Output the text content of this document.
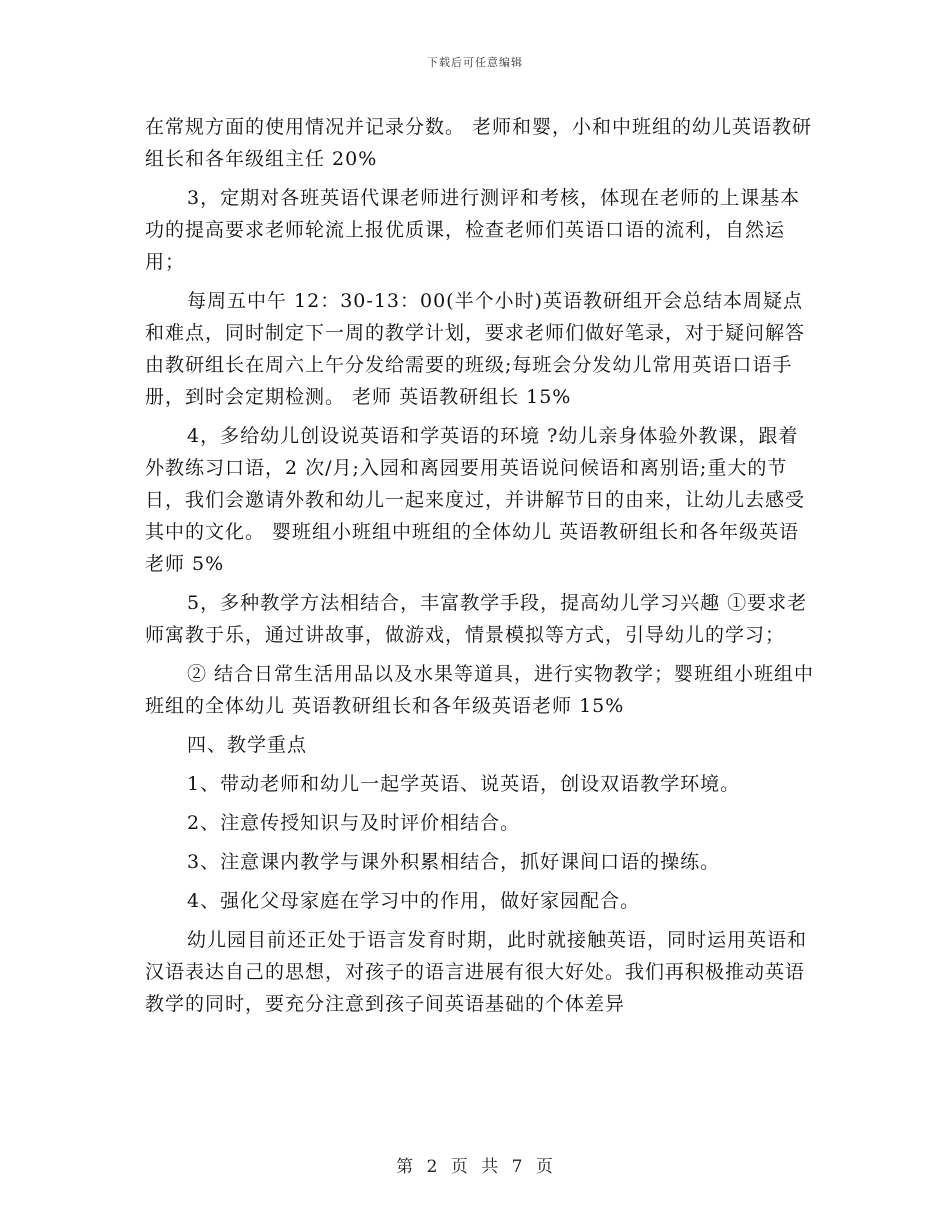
下载后可任意编辑

在常规方面的使用情况并记录分数。 老师和婴，小和中班组的幼儿英语教研组长和各年级组主任 20%

3，定期对各班英语代课老师进行测评和考核，体现在老师的上课基本功的提高要求老师轮流上报优质课，检查老师们英语口语的流利，自然运用；

每周五中午 12：30-13：00(半个小时)英语教研组开会总结本周疑点和难点，同时制定下一周的教学计划，要求老师们做好笔录，对于疑问解答由教研组长在周六上午分发给需要的班级;每班会分发幼儿常用英语口语手册，到时会定期检测。 老师 英语教研组长 15%

4，多给幼儿创设说英语和学英语的环境 ?幼儿亲身体验外教课，跟着外教练习口语，2 次/月;入园和离园要用英语说问候语和离别语;重大的节日，我们会邀请外教和幼儿一起来度过，并讲解节日的由来，让幼儿去感受其中的文化。 婴班组小班组中班组的全体幼儿 英语教研组长和各年级英语老师 5%

5，多种教学方法相结合，丰富教学手段，提高幼儿学习兴趣 ①要求老师寓教于乐，通过讲故事，做游戏，情景模拟等方式，引导幼儿的学习；

② 结合日常生活用品以及水果等道具，进行实物教学；婴班组小班组中班组的全体幼儿 英语教研组长和各年级英语老师 15%

四、教学重点

1、带动老师和幼儿一起学英语、说英语，创设双语教学环境。

2、注意传授知识与及时评价相结合。

3、注意课内教学与课外积累相结合，抓好课间口语的操练。

4、强化父母家庭在学习中的作用，做好家园配合。

幼儿园目前还正处于语言发育时期，此时就接触英语，同时运用英语和汉语表达自己的思想，对孩子的语言进展有很大好处。我们再积极推动英语教学的同时，要充分注意到孩子间英语基础的个体差异

第 2 页 共 7 页
